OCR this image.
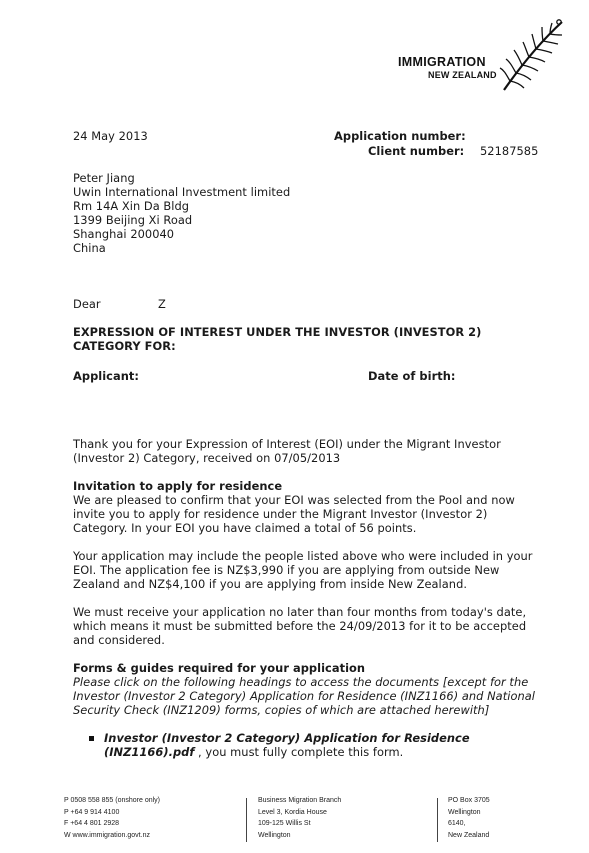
IMMIGRATION
NEW ZEALAND
24 May 2013	Application number:
Client number: 52187585
Peter Jiang
Uwin International Investment limited
Rm 14A Xin Da Bldg
1399 Beijing Xi Road
Shanghai 200040
China
Dear	Z
EXPRESSION OF INTEREST UNDER THE INVESTOR (INVESTOR 2)
CATEGORY FOR:
Applicant:	Date of birth:
Thank you for your Expression of Interest (EOI) under the Migrant Investor
(Investor 2) Category, received on 07/05/2013
Invitation to apply for residence
We are pleased to confirm that your EOI was selected from the Pool and now
invite you to apply for residence under the Migrant Investor (Investor 2)
Category. In your EOI you have claimed a total of 56 points.
Your application may include the people listed above who were included in your
EOI. The application fee is NZ$3,990 if you are applying from outside New
Zealand and NZ$4,100 if you are applying from inside New Zealand.
We must receive your application no later than four months from today's date,
which means it must be submitted before the 24/09/2013 for it to be accepted
and considered.
Forms & guides required for your application
Please click on the following headings to access the documents [except for the
Investor (Investor 2 Category) Application for Residence (INZ1166) and National
Security Check (INZ1209) forms, copies of which are attached herewith]
Investor (Investor 2 Category) Application for Residence
(INZ1166).pdf , you must fully complete this form.
P 0508 558 855 (onshore only)
P +64 9 914 4100
F +64 4 801 2928
W www.immigration.govt.nz
Business Migration Branch
Level 3, Kordia House
109-125 Willis St
Wellington
PO Box 3705
Wellington
6140,
New Zealand
